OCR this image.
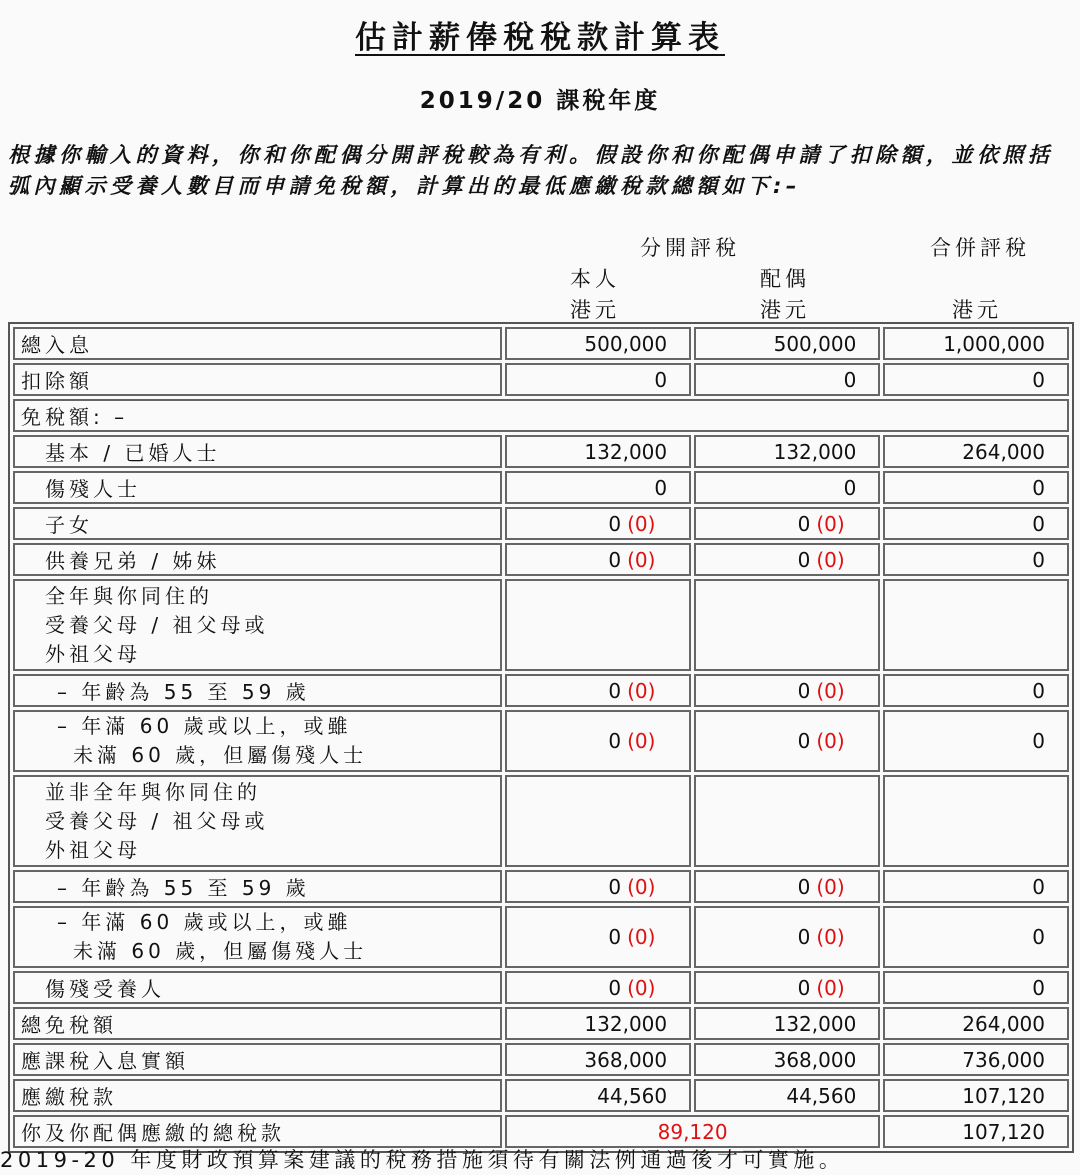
估計薪俸稅稅款計算表
2019/20 課稅年度
根據你輸入的資料，你和你配偶分開評稅較為有利。假設你和你配偶申請了扣除額，並依照括弧內顯示受養人數目而申請免稅額，計算出的最低應繳稅款總額如下:–
分開評稅	合併評稅
本人	配偶
港元	港元	港元
總入息	500,000	500,000	1,000,000
扣除額	0	0	0
免稅額: –			
基本 / 已婚人士	132,000	132,000	264,000
傷殘人士	0	0	0
子女	0 (0)	0 (0)	0
供養兄弟 / 姊妹	0 (0)	0 (0)	0

全年與你同住的
受養父母 / 祖父母或
外祖父母			

– 年齡為 55 至 59 歲	0 (0)	0 (0)	0

– 年滿 60 歲或以上，或雖
未滿 60 歲，但屬傷殘人士	0 (0)	0 (0)	0

並非全年與你同住的
受養父母 / 祖父母或
外祖父母			

– 年齡為 55 至 59 歲	0 (0)	0 (0)	0

– 年滿 60 歲或以上，或雖
未滿 60 歲，但屬傷殘人士	0 (0)	0 (0)	0
傷殘受養人	0 (0)	0 (0)	0
總免稅額	132,000	132,000	264,000
應課稅入息實額	368,000	368,000	736,000
應繳稅款	44,560	44,560	107,120
你及你配偶應繳的總稅款	89,120		107,120
2019-20 年度財政預算案建議的稅務措施須待有關法例通過後才可實施。
